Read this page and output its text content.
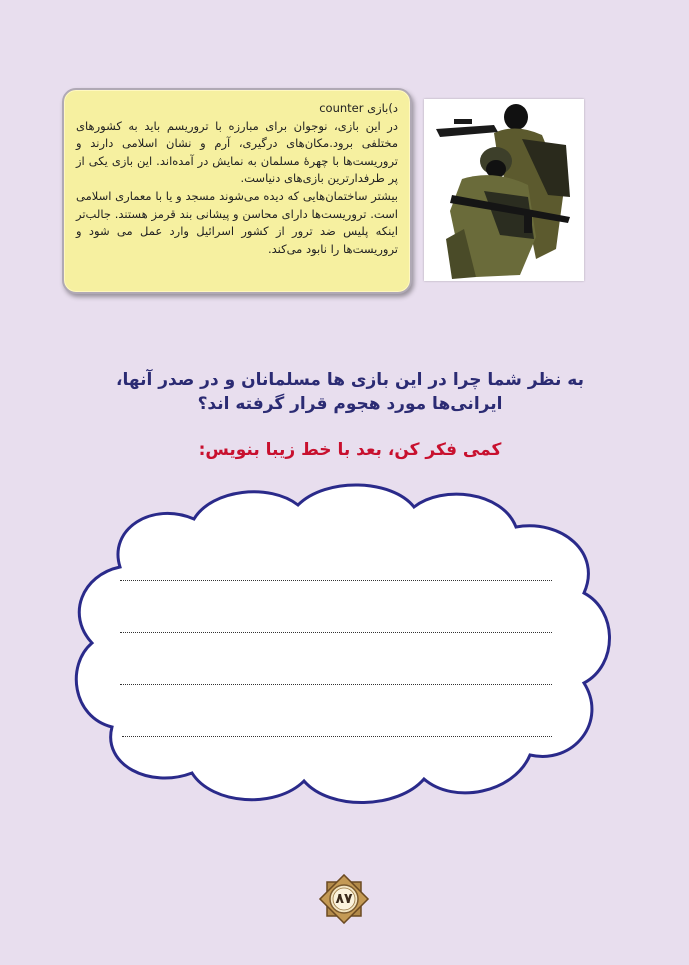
د)بازی counter
در این بازی، نوجوان برای مبارزه با تروریسم باید به کشورهای مختلفی برود.مکان‌های درگیری، آرم و نشان اسلامی دارند و تروریست‌ها با چهرهٔ مسلمان به نمایش در آمده‌اند. این بازی یکی از پر طرفدارترین بازی‌های دنیاست.
بیشتر ساختمان‌هایی که دیده می‌شوند مسجد و یا با معماری اسلامی است. تروریست‌ها دارای محاسن و پیشانی بند قرمز هستند. جالب‌تر اینکه پلیس ضد ترور از کشور اسرائیل وارد عمل می شود و تروریست‌ها را نابود می‌کند.
به نظر شما چرا در این بازی ها مسلمانان و در صدر آنها، ایرانی‌ها مورد هجوم قرار گرفته اند؟
کمی فکر کن، بعد با خط زیبا بنویس:
۸۷
